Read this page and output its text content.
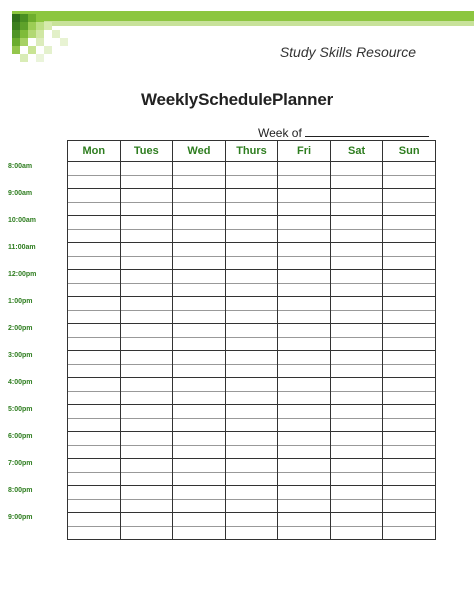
Study Skills Resource
WeeklySchedulePlanner
Week of
Mon	Tues	Wed	Thurs	Fri	Sat	Sun

8:00am
9:00am
10:00am
11:00am
12:00pm
1:00pm
2:00pm
3:00pm
4:00pm
5:00pm
6:00pm
7:00pm
8:00pm
9:00pm
